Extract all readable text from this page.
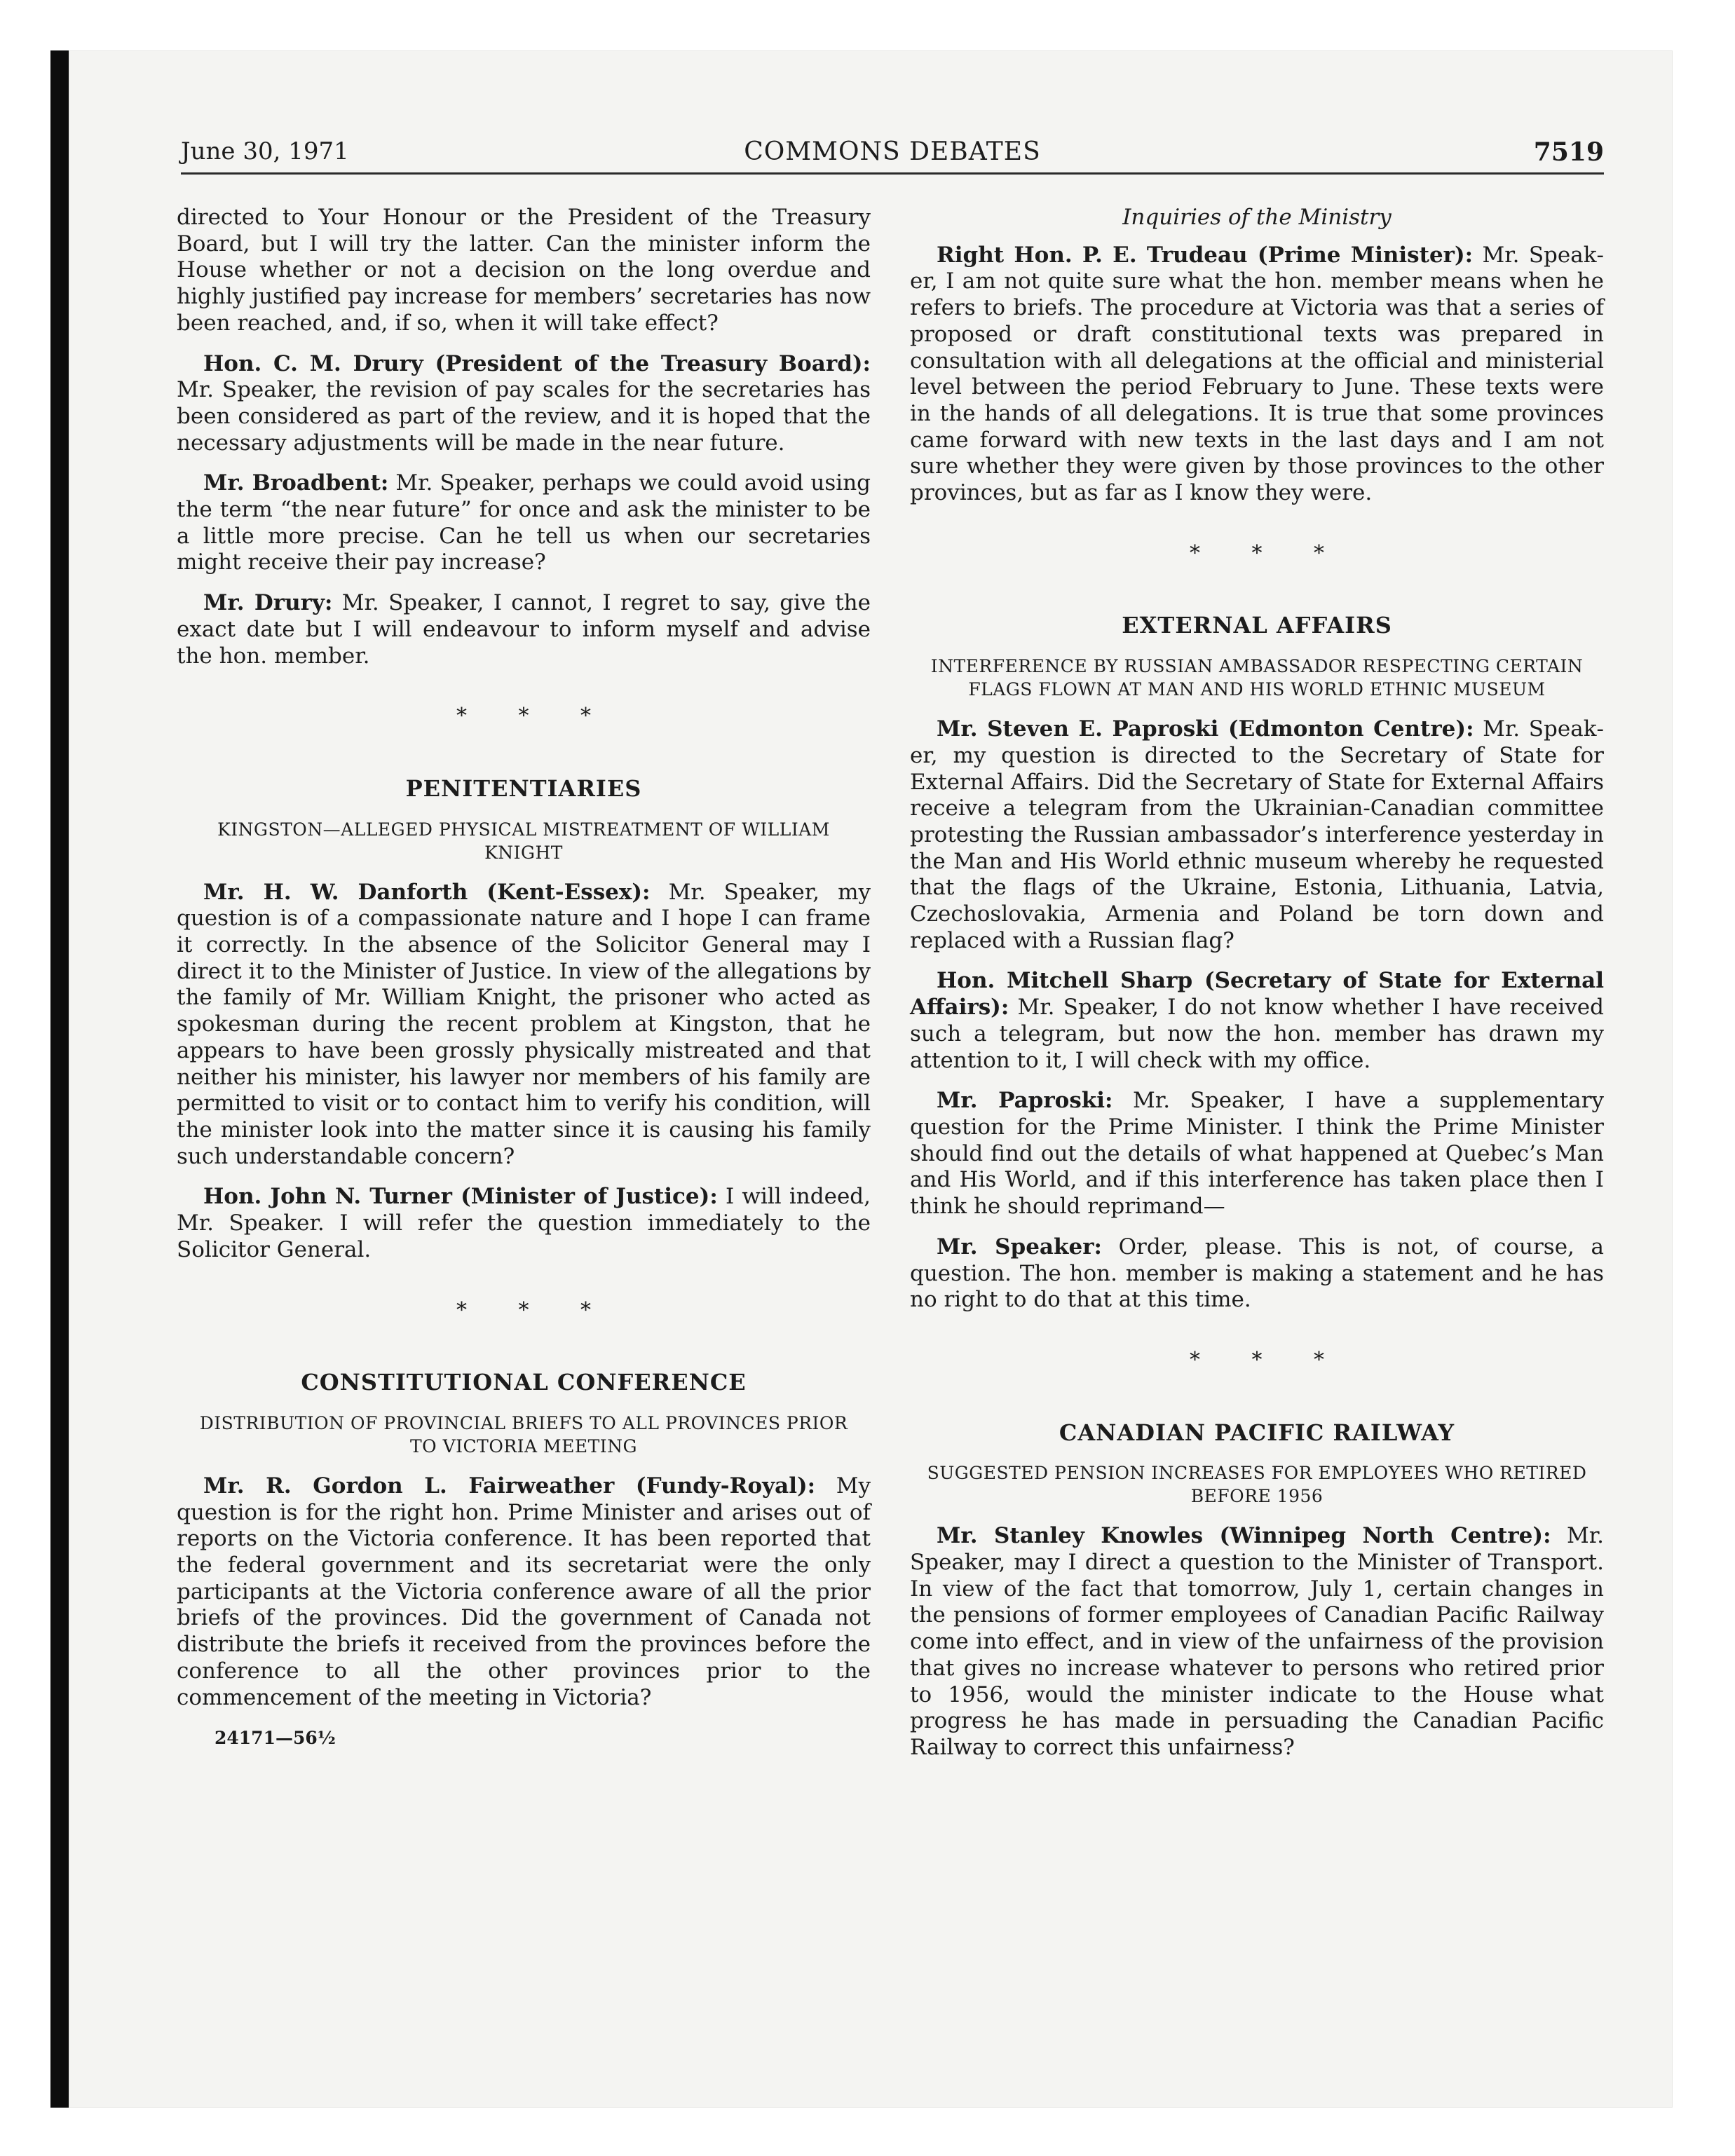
June 30, 1971	COMMONS DEBATES	7519

directed to Your Honour or the President of the Treasury Board, but I will try the latter. Can the minister inform the House whether or not a decision on the long overdue and highly justified pay increase for members’ secretaries has now been reached, and, if so, when it will take effect?

Hon. C. M. Drury (President of the Treasury Board): Mr. Speaker, the revision of pay scales for the secretaries has been considered as part of the review, and it is hoped that the necessary adjustments will be made in the near future.

Mr. Broadbent: Mr. Speaker, perhaps we could avoid using the term “the near future” for once and ask the minister to be a little more precise. Can he tell us when our secretaries might receive their pay increase?

Mr. Drury: Mr. Speaker, I cannot, I regret to say, give the exact date but I will endeavour to inform myself and advise the hon. member.

* * *
PENITENTIARIES
KINGSTON—ALLEGED PHYSICAL MISTREATMENT OF WILLIAM KNIGHT

Mr. H. W. Danforth (Kent-Essex): Mr. Speaker, my question is of a compassionate nature and I hope I can frame it correctly. In the absence of the Solicitor General may I direct it to the Minister of Justice. In view of the allegations by the family of Mr. William Knight, the prisoner who acted as spokesman during the recent problem at Kingston, that he appears to have been grossly physically mistreated and that neither his minister, his lawyer nor members of his family are permitted to visit or to contact him to verify his condition, will the minister look into the matter since it is causing his family such understandable concern?

Hon. John N. Turner (Minister of Justice): I will indeed, Mr. Speaker. I will refer the question immediately to the Solicitor General.

* * *
CONSTITUTIONAL CONFERENCE
DISTRIBUTION OF PROVINCIAL BRIEFS TO ALL PROVINCES PRIOR TO VICTORIA MEETING

Mr. R. Gordon L. Fairweather (Fundy-Royal): My question is for the right hon. Prime Minister and arises out of reports on the Victoria conference. It has been reported that the federal government and its secretariat were the only participants at the Victoria conference aware of all the prior briefs of the provinces. Did the government of Canada not distribute the briefs it received from the provinces before the conference to all the other provinces prior to the commencement of the meeting in Victoria?

24171—56½
Inquiries of the Ministry

Right Hon. P. E. Trudeau (Prime Minister): Mr. Speaker, I am not quite sure what the hon. member means when he refers to briefs. The procedure at Victoria was that a series of proposed or draft constitutional texts was prepared in consultation with all delegations at the official and ministerial level between the period February to June. These texts were in the hands of all delegations. It is true that some provinces came forward with new texts in the last days and I am not sure whether they were given by those provinces to the other provinces, but as far as I know they were.

* * *
EXTERNAL AFFAIRS
INTERFERENCE BY RUSSIAN AMBASSADOR RESPECTING CERTAIN FLAGS FLOWN AT MAN AND HIS WORLD ETHNIC MUSEUM

Mr. Steven E. Paproski (Edmonton Centre): Mr. Speaker, my question is directed to the Secretary of State for External Affairs. Did the Secretary of State for External Affairs receive a telegram from the Ukrainian-Canadian committee protesting the Russian ambassador’s interference yesterday in the Man and His World ethnic museum whereby he requested that the flags of the Ukraine, Estonia, Lithuania, Latvia, Czechoslovakia, Armenia and Poland be torn down and replaced with a Russian flag?

Hon. Mitchell Sharp (Secretary of State for External Affairs): Mr. Speaker, I do not know whether I have received such a telegram, but now the hon. member has drawn my attention to it, I will check with my office.

Mr. Paproski: Mr. Speaker, I have a supplementary question for the Prime Minister. I think the Prime Minister should find out the details of what happened at Quebec’s Man and His World, and if this interference has taken place then I think he should reprimand—

Mr. Speaker: Order, please. This is not, of course, a question. The hon. member is making a statement and he has no right to do that at this time.

* * *
CANADIAN PACIFIC RAILWAY
SUGGESTED PENSION INCREASES FOR EMPLOYEES WHO RETIRED BEFORE 1956

Mr. Stanley Knowles (Winnipeg North Centre): Mr. Speaker, may I direct a question to the Minister of Transport. In view of the fact that tomorrow, July 1, certain changes in the pensions of former employees of Canadian Pacific Railway come into effect, and in view of the unfairness of the provision that gives no increase whatever to persons who retired prior to 1956, would the minister indicate to the House what progress he has made in persuading the Canadian Pacific Railway to correct this unfairness?
